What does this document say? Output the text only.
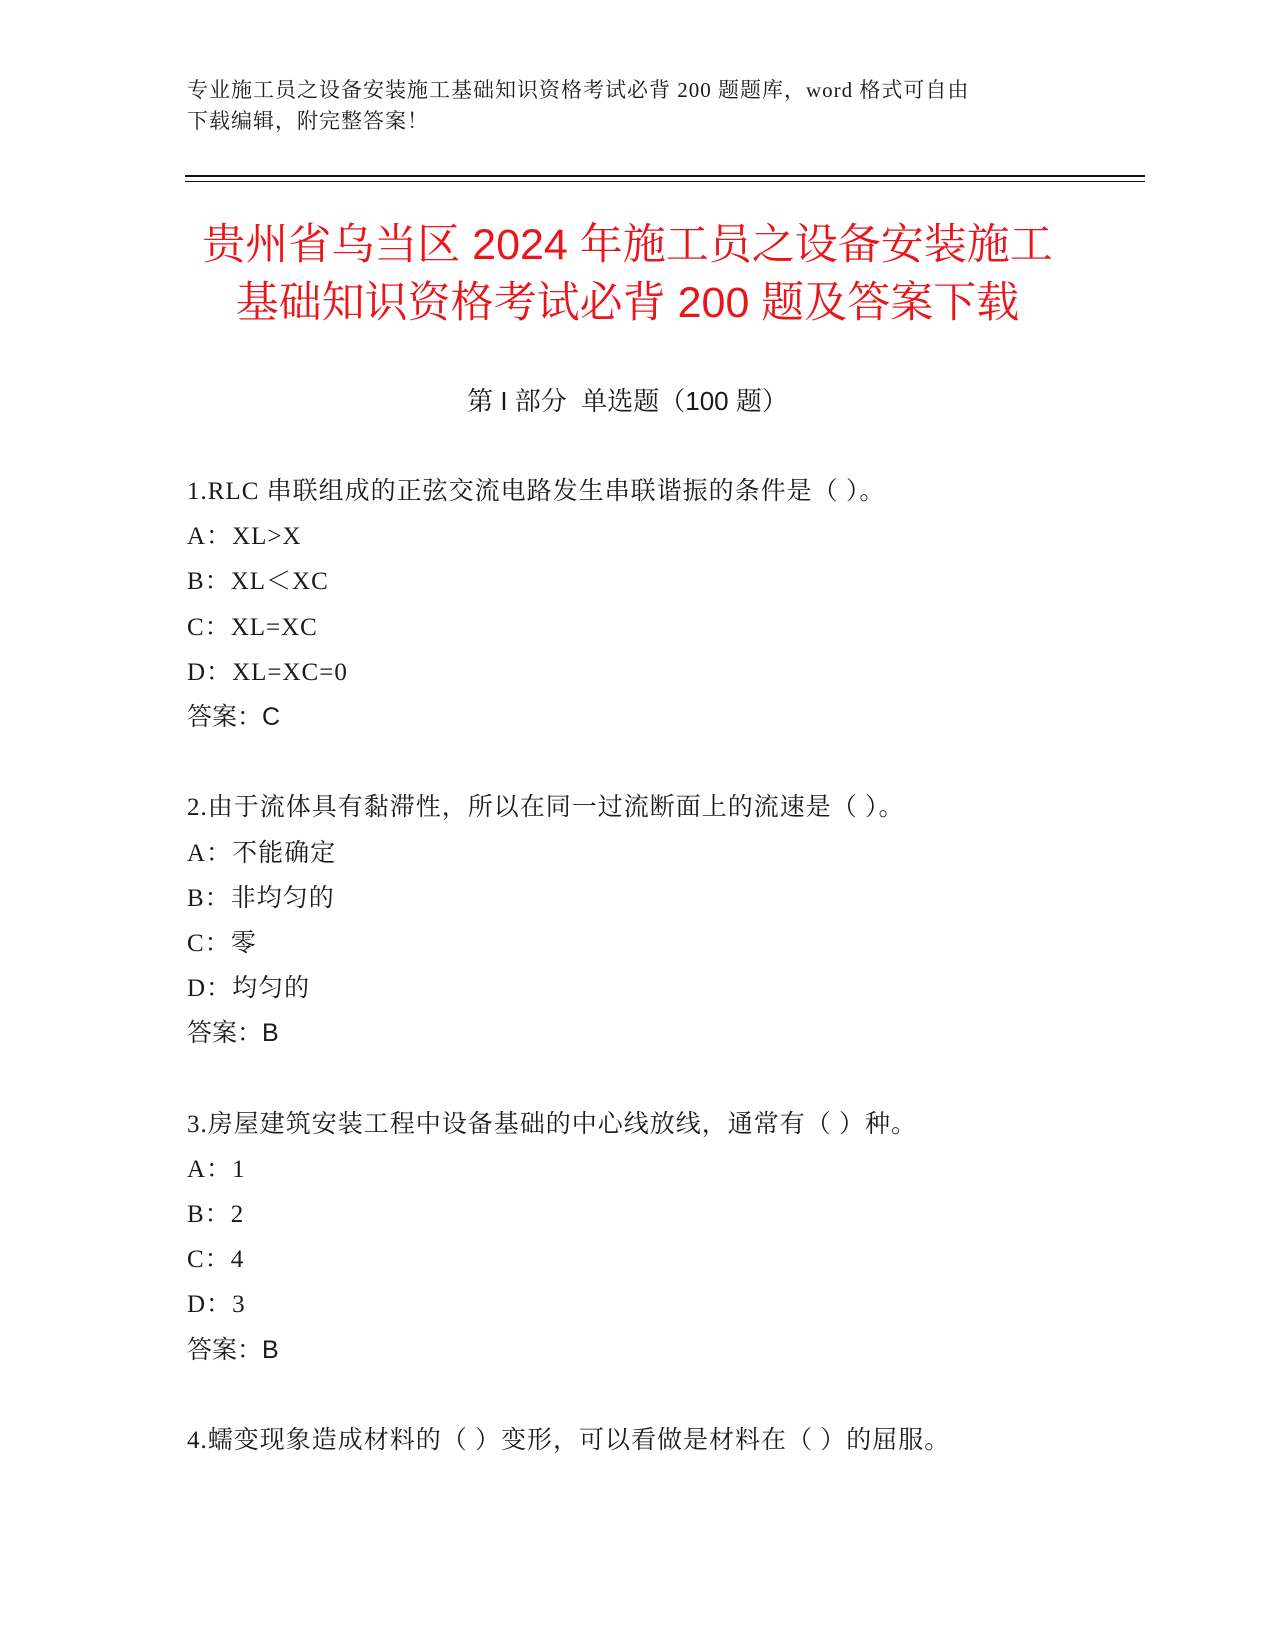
专业施工员之设备安装施工基础知识资格考试必背 200 题题库，word 格式可自由
下载编辑，附完整答案！
贵州省乌当区 2024 年施工员之设备安装施工
基础知识资格考试必背 200 题及答案下载
第 I 部分  单选题（100 题）
1.RLC 串联组成的正弦交流电路发生串联谐振的条件是（ ）。
A：XL>X
B：XL＜XC
C：XL=XC
D：XL=XC=0
答案：C
2.由于流体具有黏滞性，所以在同一过流断面上的流速是（ ）。
A：不能确定
B：非均匀的
C：零
D：均匀的
答案：B
3.房屋建筑安装工程中设备基础的中心线放线，通常有（ ）种。
A：1
B：2
C：4
D：3
答案：B
4.蠕变现象造成材料的（ ）变形，可以看做是材料在（ ）的屈服。
